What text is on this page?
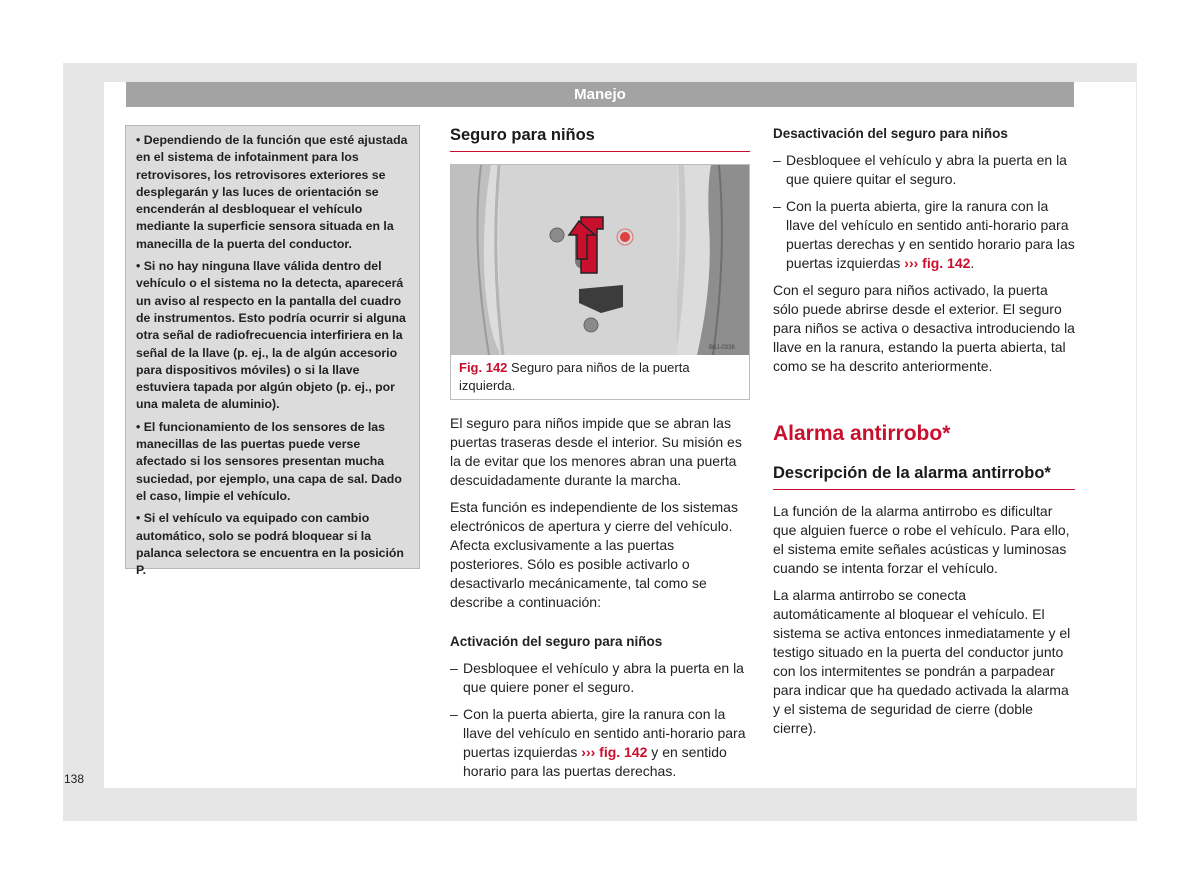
Manejo

• Dependiendo de la función que esté ajustada en el sistema de infotainment para los retrovisores, los retrovisores exteriores se desplegarán y las luces de orientación se encenderán al desbloquear el vehículo mediante la superficie sensora situada en la manecilla de la puerta del conductor.

• Si no hay ninguna llave válida dentro del vehículo o el sistema no la detecta, aparecerá un aviso al respecto en la pantalla del cuadro de instrumentos. Esto podría ocurrir si alguna otra señal de radiofrecuencia interfiriera en la señal de la llave (p. ej., la de algún accesorio para dispositivos móviles) o si la llave estuviera tapada por algún objeto (p. ej., por una maleta de aluminio).

• El funcionamiento de los sensores de las manecillas de las puertas puede verse afectado si los sensores presentan mucha suciedad, por ejemplo, una capa de sal. Dado el caso, limpie el vehículo.

• Si el vehículo va equipado con cambio automático, solo se podrá bloquear si la palanca selectora se encuentra en la posición P.

Seguro para niños
B6J-0338
Fig. 142 Seguro para niños de la puerta izquierda.

El seguro para niños impide que se abran las puertas traseras desde el interior. Su misión es la de evitar que los menores abran una puerta descuidadamente durante la marcha.

Esta función es independiente de los sistemas electrónicos de apertura y cierre del vehículo. Afecta exclusivamente a las puertas posteriores. Sólo es posible activarlo o desactivarlo mecánicamente, tal como se describe a continuación:

Activación del seguro para niños
– Desbloquee el vehículo y abra la puerta en la que quiere poner el seguro.
– Con la puerta abierta, gire la ranura con la llave del vehículo en sentido anti-horario para puertas izquierdas ››› fig. 142 y en sentido horario para las puertas derechas.
Desactivación del seguro para niños
– Desbloquee el vehículo y abra la puerta en la que quiere quitar el seguro.
– Con la puerta abierta, gire la ranura con la llave del vehículo en sentido anti-horario para puertas derechas y en sentido horario para las puertas izquierdas ››› fig. 142.

Con el seguro para niños activado, la puerta sólo puede abrirse desde el exterior. El seguro para niños se activa o desactiva introduciendo la llave en la ranura, estando la puerta abierta, tal como se ha descrito anteriormente.

Alarma antirrobo*
Descripción de la alarma antirrobo*

La función de la alarma antirrobo es dificultar que alguien fuerce o robe el vehículo. Para ello, el sistema emite señales acústicas y luminosas cuando se intenta forzar el vehículo.

La alarma antirrobo se conecta automáticamente al bloquear el vehículo. El sistema se activa entonces inmediatamente y el testigo situado en la puerta del conductor junto con los intermitentes se pondrán a parpadear para indicar que ha quedado activada la alarma y el sistema de seguridad de cierre (doble cierre).

138
